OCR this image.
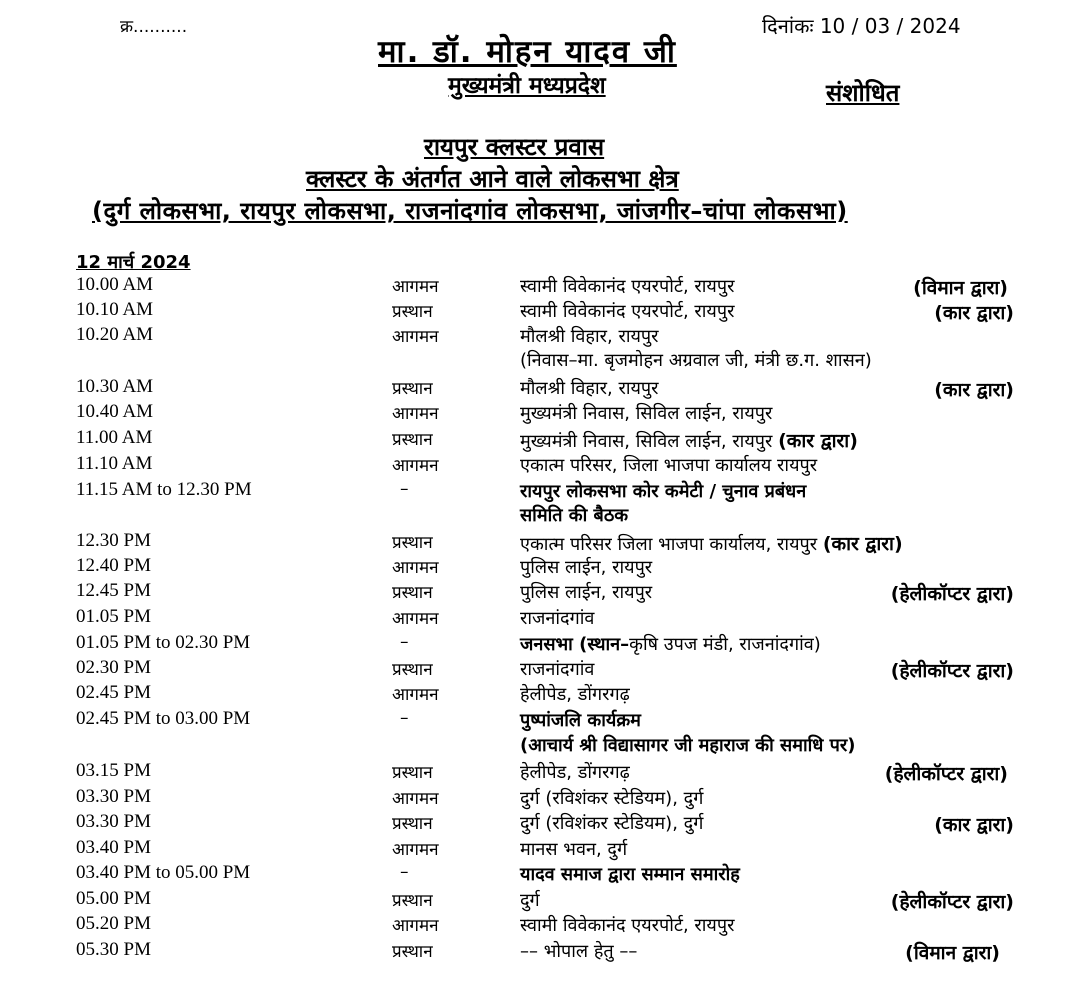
क्र..........	दिनांकः 10 / 03 / 2024
मा. डॉ. मोहन यादव जी
मुख्यमंत्री मध्यप्रदेश	संशोधित
रायपुर क्लस्टर प्रवास
क्लस्टर के अंतर्गत आने वाले लोकसभा क्षेत्र
(दुर्ग लोकसभा, रायपुर लोकसभा, राजनांदगांव लोकसभा, जांजगीर–चांपा लोकसभा)
12 मार्च 2024
10.00 AM	आगमन	स्वामी विवेकानंद एयरपोर्ट, रायपुर	(विमान द्वारा)
10.10 AM	प्रस्थान	स्वामी विवेकानंद एयरपोर्ट, रायपुर	(कार द्वारा)
10.20 AM	आगमन	मौलश्री विहार, रायपुर
(निवास–मा. बृजमोहन अग्रवाल जी, मंत्री छ.ग. शासन)
10.30 AM	प्रस्थान	मौलश्री विहार, रायपुर	(कार द्वारा)
10.40 AM	आगमन	मुख्यमंत्री निवास, सिविल लाईन, रायपुर
11.00 AM	प्रस्थान	मुख्यमंत्री निवास, सिविल लाईन, रायपुर (कार द्वारा)
11.10 AM	आगमन	एकात्म परिसर, जिला भाजपा कार्यालय रायपुर
11.15 AM to 12.30 PM	–	रायपुर लोकसभा कोर कमेटी / चुनाव प्रबंधन
समिति की बैठक
12.30 PM	प्रस्थान	एकात्म परिसर जिला भाजपा कार्यालय, रायपुर (कार द्वारा)
12.40 PM	आगमन	पुलिस लाईन, रायपुर
12.45 PM	प्रस्थान	पुलिस लाईन, रायपुर	(हेलीकॉप्टर द्वारा)
01.05 PM	आगमन	राजनांदगांव
01.05 PM to 02.30 PM	–	जनसभा (स्थान–कृषि उपज मंडी, राजनांदगांव)
02.30 PM	प्रस्थान	राजनांदगांव	(हेलीकॉप्टर द्वारा)
02.45 PM	आगमन	हेलीपेड, डोंगरगढ़
02.45 PM to 03.00 PM	–	पुष्पांजलि कार्यक्रम
(आचार्य श्री विद्यासागर जी महाराज की समाधि पर)
03.15 PM	प्रस्थान	हेलीपेड, डोंगरगढ़	(हेलीकॉप्टर द्वारा)
03.30 PM	आगमन	दुर्ग (रविशंकर स्टेडियम), दुर्ग
03.30 PM	प्रस्थान	दुर्ग (रविशंकर स्टेडियम), दुर्ग	(कार द्वारा)
03.40 PM	आगमन	मानस भवन, दुर्ग
03.40 PM to 05.00 PM	–	यादव समाज द्वारा सम्मान समारोह
05.00 PM	प्रस्थान	दुर्ग	(हेलीकॉप्टर द्वारा)
05.20 PM	आगमन	स्वामी विवेकानंद एयरपोर्ट, रायपुर
05.30 PM	प्रस्थान	–– भोपाल हेतु ––	(विमान द्वारा)
